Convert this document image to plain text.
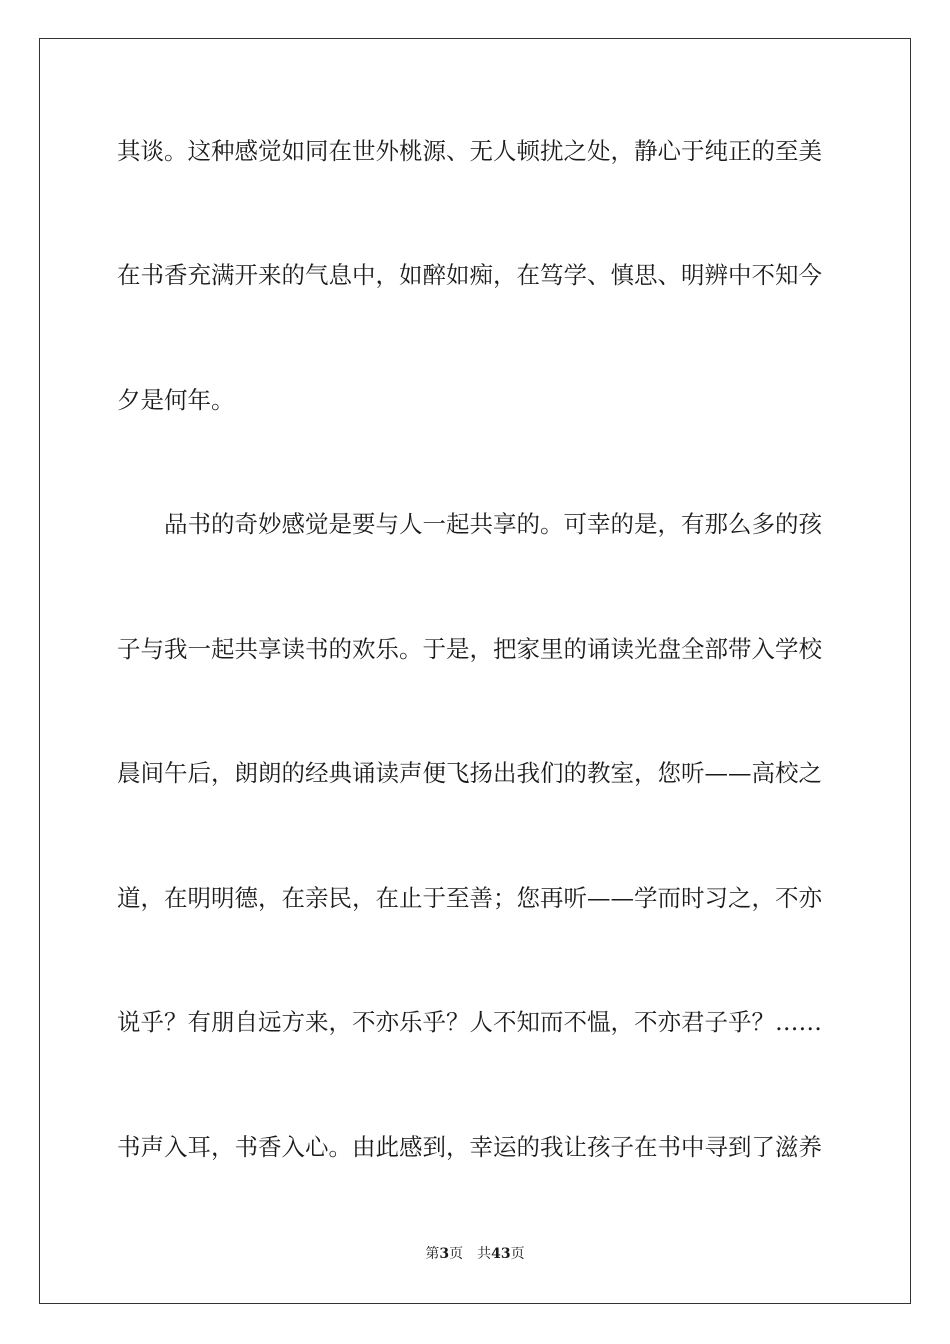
其谈。这种感觉如同在世外桃源、无人顿扰之处，静心于纯正的至美
在书香充满开来的气息中，如醉如痴，在笃学、慎思、明辨中不知今
夕是何年。
品书的奇妙感觉是要与人一起共享的。可幸的是，有那么多的孩
子与我一起共享读书的欢乐。于是，把家里的诵读光盘全部带入学校
晨间午后，朗朗的经典诵读声便飞扬出我们的教室，您听——高校之
道，在明明德，在亲民，在止于至善；您再听——学而时习之，不亦
说乎？有朋自远方来，不亦乐乎？人不知而不愠，不亦君子乎？……
书声入耳，书香入心。由此感到，幸运的我让孩子在书中寻到了滋养
第3页 共43页
